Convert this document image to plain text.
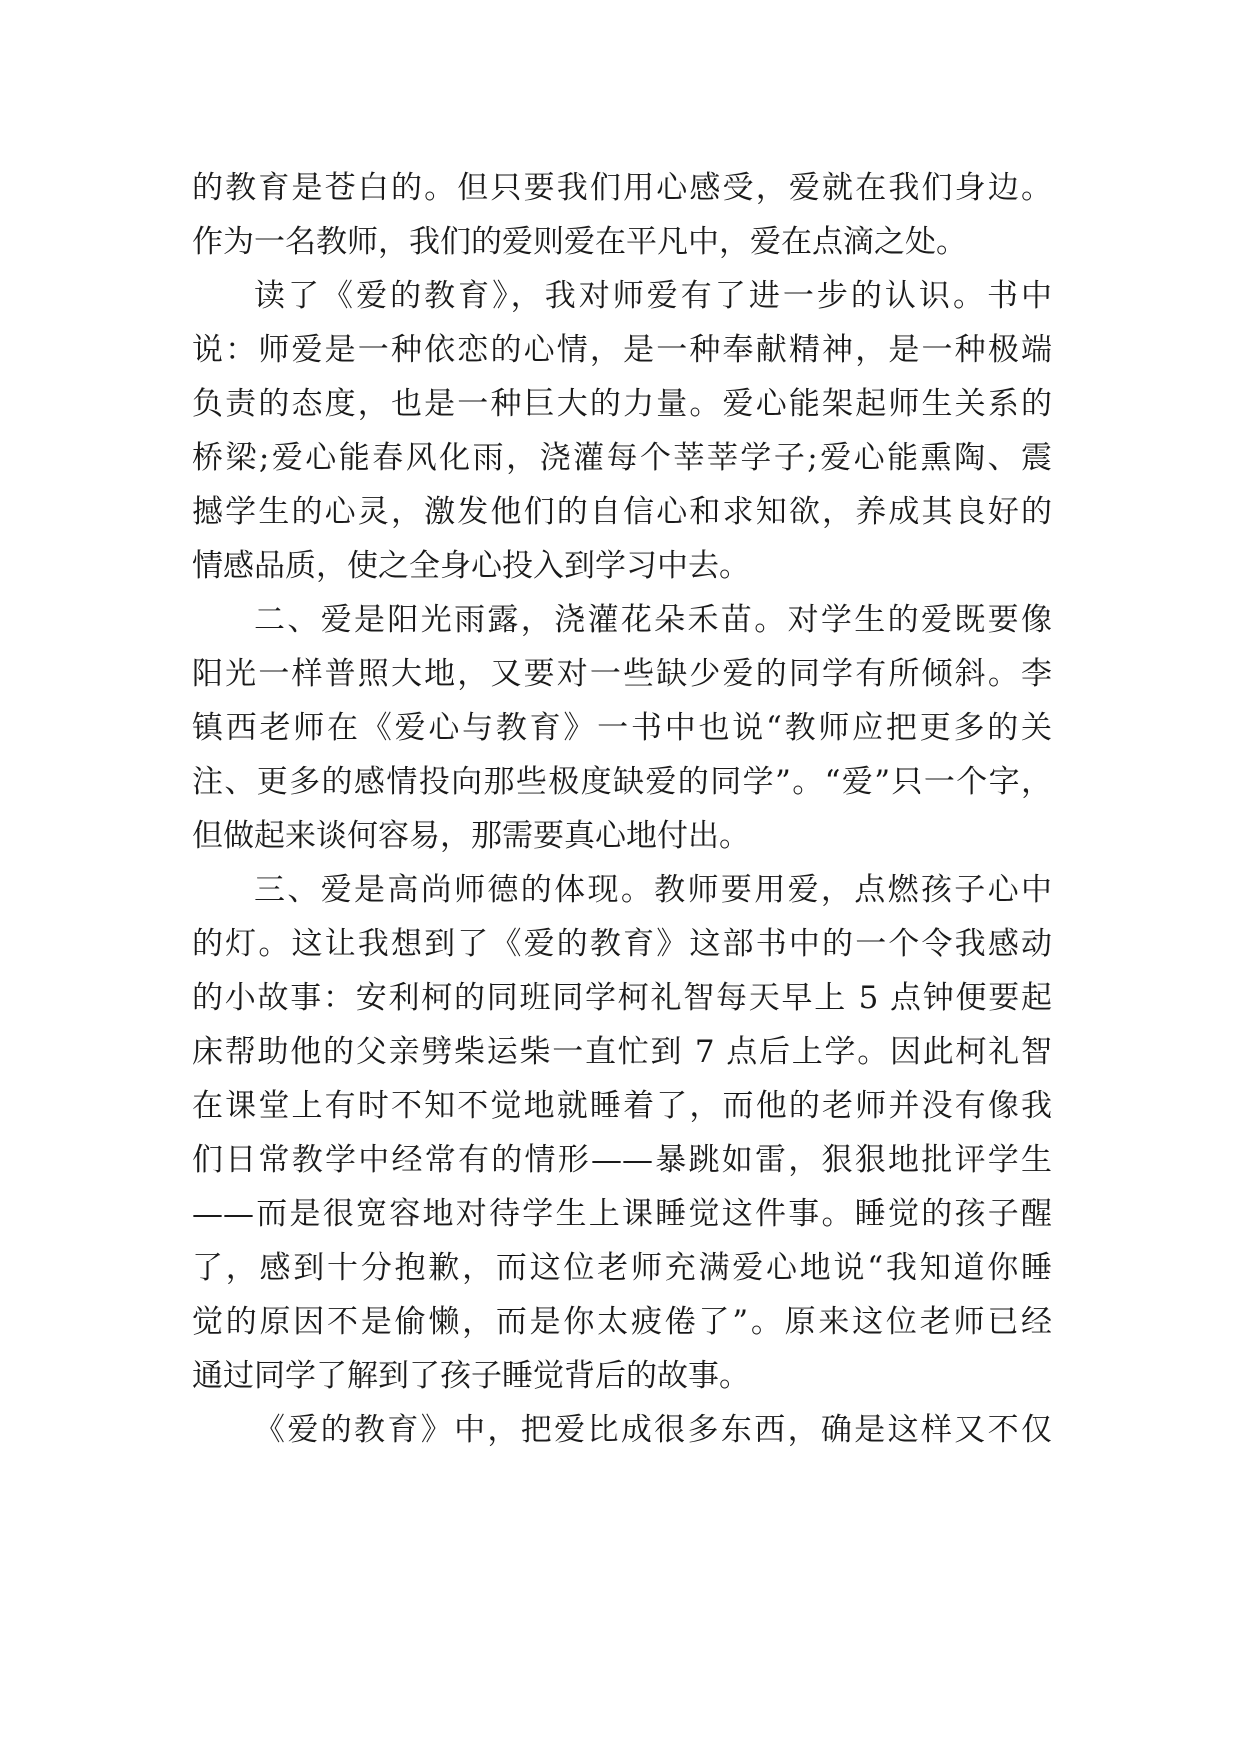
的教育是苍白的。但只要我们用心感受，爱就在我们身边。
作为一名教师，我们的爱则爱在平凡中，爱在点滴之处。
读了《爱的教育》，我对师爱有了进一步的认识。书中
说：师爱是一种依恋的心情，是一种奉献精神，是一种极端
负责的态度，也是一种巨大的力量。爱心能架起师生关系的
桥梁;爱心能春风化雨，浇灌每个莘莘学子;爱心能熏陶、震
撼学生的心灵，激发他们的自信心和求知欲，养成其良好的
情感品质，使之全身心投入到学习中去。
二、爱是阳光雨露，浇灌花朵禾苗。对学生的爱既要像
阳光一样普照大地，又要对一些缺少爱的同学有所倾斜。李
镇西老师在《爱心与教育》一书中也说“教师应把更多的关
注、更多的感情投向那些极度缺爱的同学”。“爱”只一个字，
但做起来谈何容易，那需要真心地付出。
三、爱是高尚师德的体现。教师要用爱，点燃孩子心中
的灯。这让我想到了《爱的教育》这部书中的一个令我感动
的小故事：安利柯的同班同学柯礼智每天早上 5 点钟便要起
床帮助他的父亲劈柴运柴一直忙到 7 点后上学。因此柯礼智
在课堂上有时不知不觉地就睡着了，而他的老师并没有像我
们日常教学中经常有的情形——暴跳如雷，狠狠地批评学生
——而是很宽容地对待学生上课睡觉这件事。睡觉的孩子醒
了，感到十分抱歉，而这位老师充满爱心地说“我知道你睡
觉的原因不是偷懒，而是你太疲倦了”。原来这位老师已经
通过同学了解到了孩子睡觉背后的故事。
《爱的教育》中，把爱比成很多东西，确是这样又不仅
